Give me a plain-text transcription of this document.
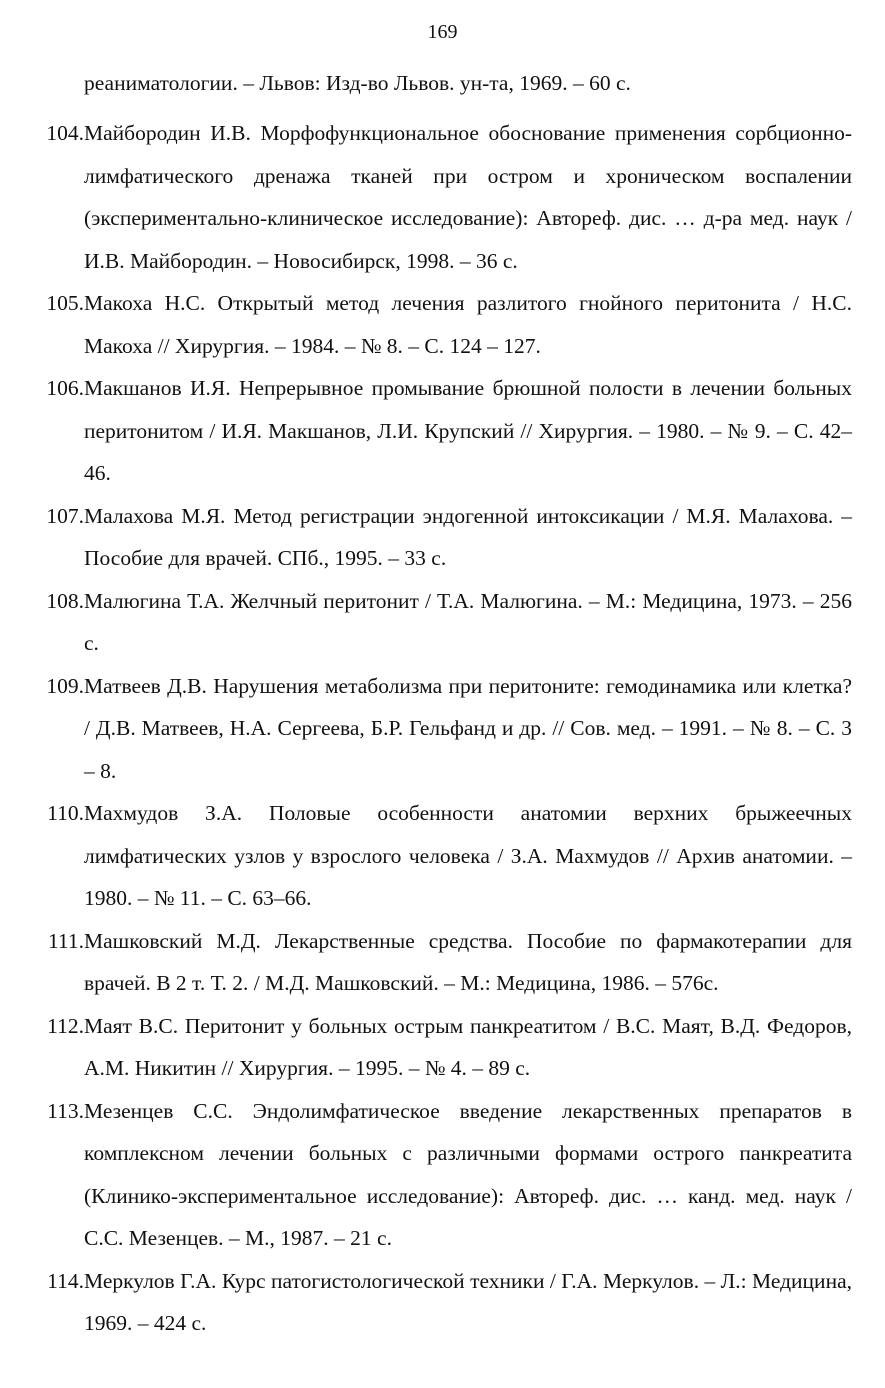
169
реаниматологии. – Львов: Изд-во Львов. ун-та, 1969. – 60 с.
104. Майбородин И.В. Морфофункциональное обоснование применения сорбционно-лимфатического дренажа тканей при остром и хроническом воспалении (экспериментально-клиническое исследование): Автореф. дис. … д-ра мед. наук / И.В. Майбородин. – Новосибирск, 1998. – 36 с.
105. Макоха Н.С. Открытый метод лечения разлитого гнойного перитонита / Н.С. Макоха // Хирургия. – 1984. – № 8. – С. 124 – 127.
106. Макшанов И.Я. Непрерывное промывание брюшной полости в лечении больных перитонитом / И.Я. Макшанов, Л.И. Крупский // Хирургия. – 1980. – № 9. – С. 42–46.
107. Малахова М.Я. Метод регистрации эндогенной интоксикации / М.Я. Малахова. – Пособие для врачей. СПб., 1995. – 33 с.
108. Малюгина Т.А. Желчный перитонит / Т.А. Малюгина. – М.: Медицина, 1973. – 256 с.
109. Матвеев Д.В. Нарушения метаболизма при перитоните: гемодинамика или клетка? / Д.В. Матвеев, Н.А. Сергеева, Б.Р. Гельфанд и др. // Сов. мед. – 1991. – № 8. – С. 3 – 8.
110. Махмудов З.А. Половые особенности анатомии верхних брыжеечных лимфатических узлов у взрослого человека / З.А. Махмудов // Архив анатомии. – 1980. – № 11. – С. 63–66.
111. Машковский М.Д. Лекарственные средства. Пособие по фармакотерапии для врачей. В 2 т. Т. 2. / М.Д. Машковский. – М.: Медицина, 1986. – 576с.
112. Маят В.С. Перитонит у больных острым панкреатитом / В.С. Маят, В.Д. Федоров, А.М. Никитин // Хирургия. – 1995. – № 4. – 89 с.
113. Мезенцев С.С. Эндолимфатическое введение лекарственных препаратов в комплексном лечении больных с различными формами острого панкреатита (Клинико-экспериментальное исследование): Автореф. дис. … канд. мед. наук / С.С. Мезенцев. – М., 1987. – 21 с.
114. Меркулов Г.А. Курс патогистологической техники / Г.А. Меркулов. – Л.: Медицина, 1969. – 424 с.
